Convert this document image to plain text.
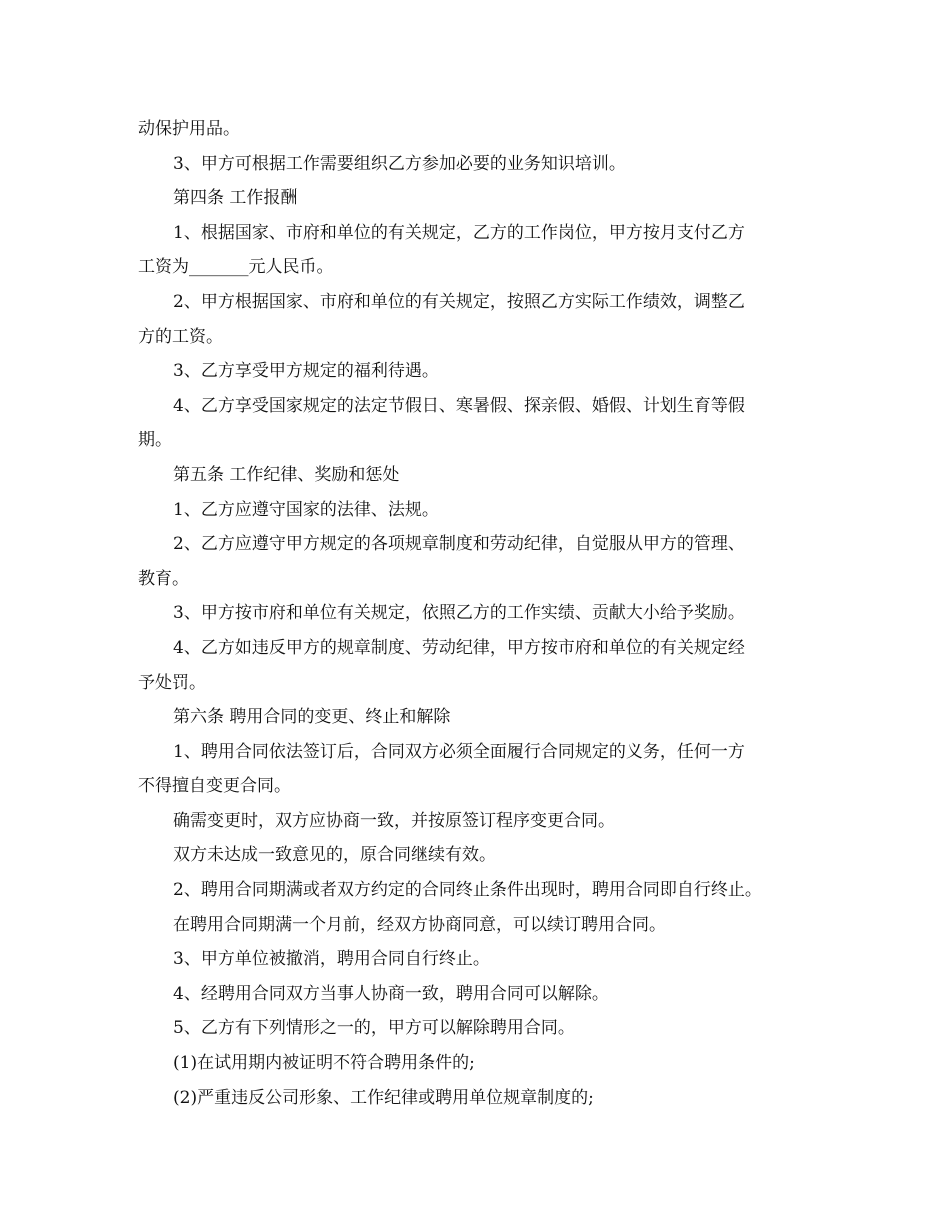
动保护用品。
3、甲方可根据工作需要组织乙方参加必要的业务知识培训。
第四条 工作报酬
1、根据国家、市府和单位的有关规定，乙方的工作岗位，甲方按月支付乙方
工资为_______元人民币。
2、甲方根据国家、市府和单位的有关规定，按照乙方实际工作绩效，调整乙
方的工资。
3、乙方享受甲方规定的福利待遇。
4、乙方享受国家规定的法定节假日、寒暑假、探亲假、婚假、计划生育等假
期。
第五条 工作纪律、奖励和惩处
1、乙方应遵守国家的法律、法规。
2、乙方应遵守甲方规定的各项规章制度和劳动纪律，自觉服从甲方的管理、
教育。
3、甲方按市府和单位有关规定，依照乙方的工作实绩、贡献大小给予奖励。
4、乙方如违反甲方的规章制度、劳动纪律，甲方按市府和单位的有关规定经
予处罚。
第六条 聘用合同的变更、终止和解除
1、聘用合同依法签订后，合同双方必须全面履行合同规定的义务，任何一方
不得擅自变更合同。
确需变更时，双方应协商一致，并按原签订程序变更合同。
双方未达成一致意见的，原合同继续有效。
2、聘用合同期满或者双方约定的合同终止条件出现时，聘用合同即自行终止。
在聘用合同期满一个月前，经双方协商同意，可以续订聘用合同。
3、甲方单位被撤消，聘用合同自行终止。
4、经聘用合同双方当事人协商一致，聘用合同可以解除。
5、乙方有下列情形之一的，甲方可以解除聘用合同。
(1)在试用期内被证明不符合聘用条件的;
(2)严重违反公司形象、工作纪律或聘用单位规章制度的;
